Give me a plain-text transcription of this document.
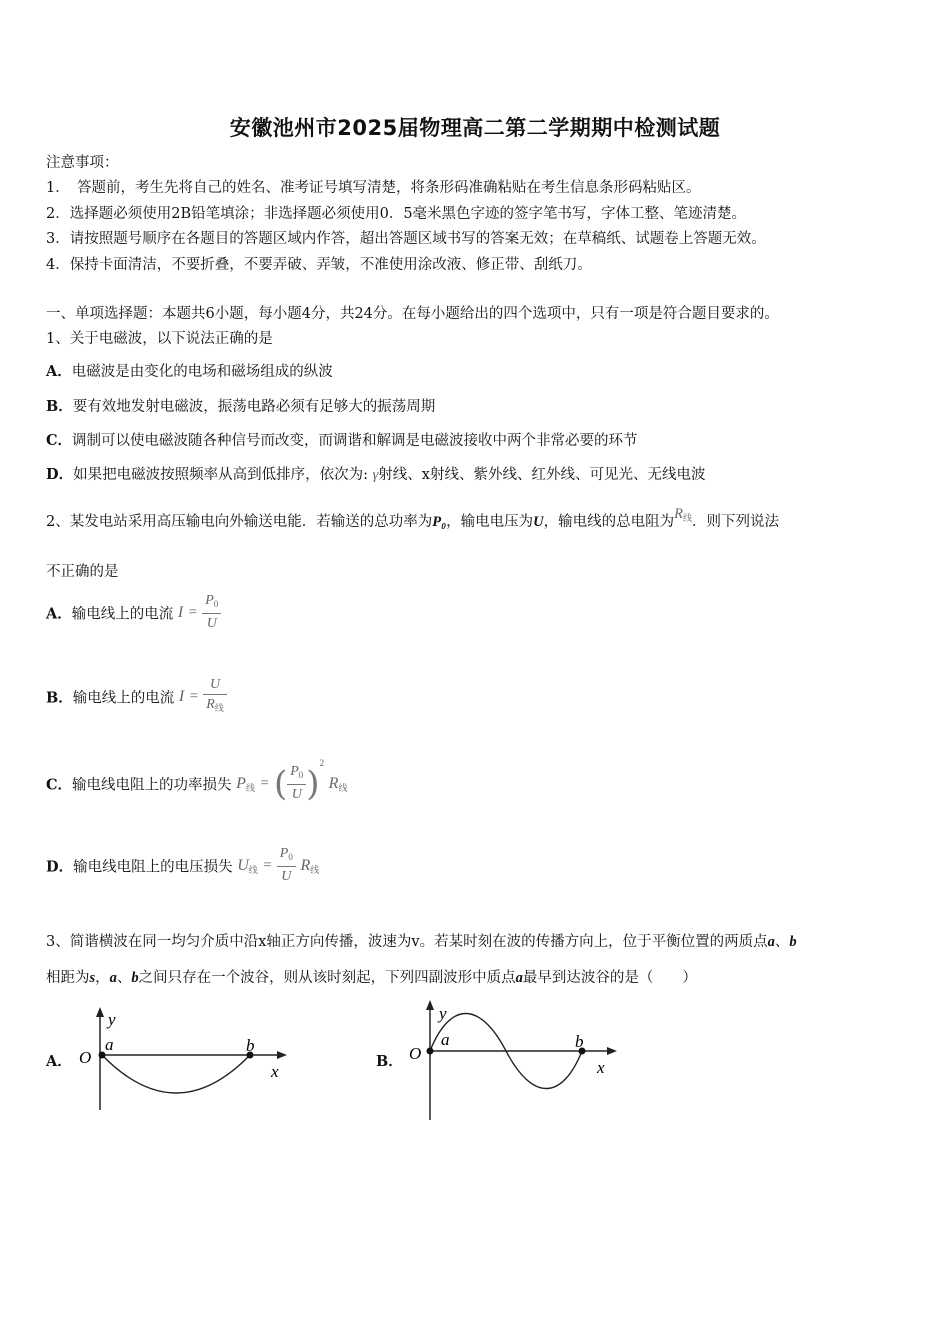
安徽池州市2025届物理高二第二学期期中检测试题
注意事项：
1．　答题前，考生先将自己的姓名、准考证号填写清楚，将条形码准确粘贴在考生信息条形码粘贴区。
2．选择题必须使用2B铅笔填涂；非选择题必须使用0．5毫米黑色字迹的签字笔书写，字体工整、笔迹清楚。
3．请按照题号顺序在各题目的答题区域内作答，超出答题区域书写的答案无效；在草稿纸、试题卷上答题无效。
4．保持卡面清洁，不要折叠，不要弄破、弄皱，不准使用涂改液、修正带、刮纸刀。
一、单项选择题：本题共6小题，每小题4分，共24分。在每小题给出的四个选项中，只有一项是符合题目要求的。
1、关于电磁波，以下说法正确的是
A．电磁波是由变化的电场和磁场组成的纵波
B．要有效地发射电磁波，振荡电路必须有足够大的振荡周期
C．调制可以使电磁波随各种信号而改变，而调谐和解调是电磁波接收中两个非常必要的环节
D．如果把电磁波按照频率从高到低排序，依次为: γ射线、x射线、紫外线、红外线、可见光、无线电波
2、某发电站采用高压输电向外输送电能．若输送的总功率为P₀，输电电压为U，输电线的总电阻为$R_线$．则下列说法
不正确的是
A．输电线上的电流 $I = \frac{P_0}{U}$
B．输电线上的电流 $I = \frac{U}{R_线}$
C．输电线电阻上的功率损失 $P_线$ = ( $\frac{P_0}{U} )^2$ $R_线$
D．输电线电阻上的电压损失 $U_线 = \frac{P_0}{U} R_线$
3、简谐横波在同一均匀介质中沿x轴正方向传播，波速为v。若某时刻在波的传播方向上，位于平衡位置的两质点a、b
相距为s，a、b之间只存在一个波谷，则从该时刻起，下列四副波形中质点a最早到达波谷的是（　　）
A．
y
x
O
a	b
B．
y
x
O
a	b
